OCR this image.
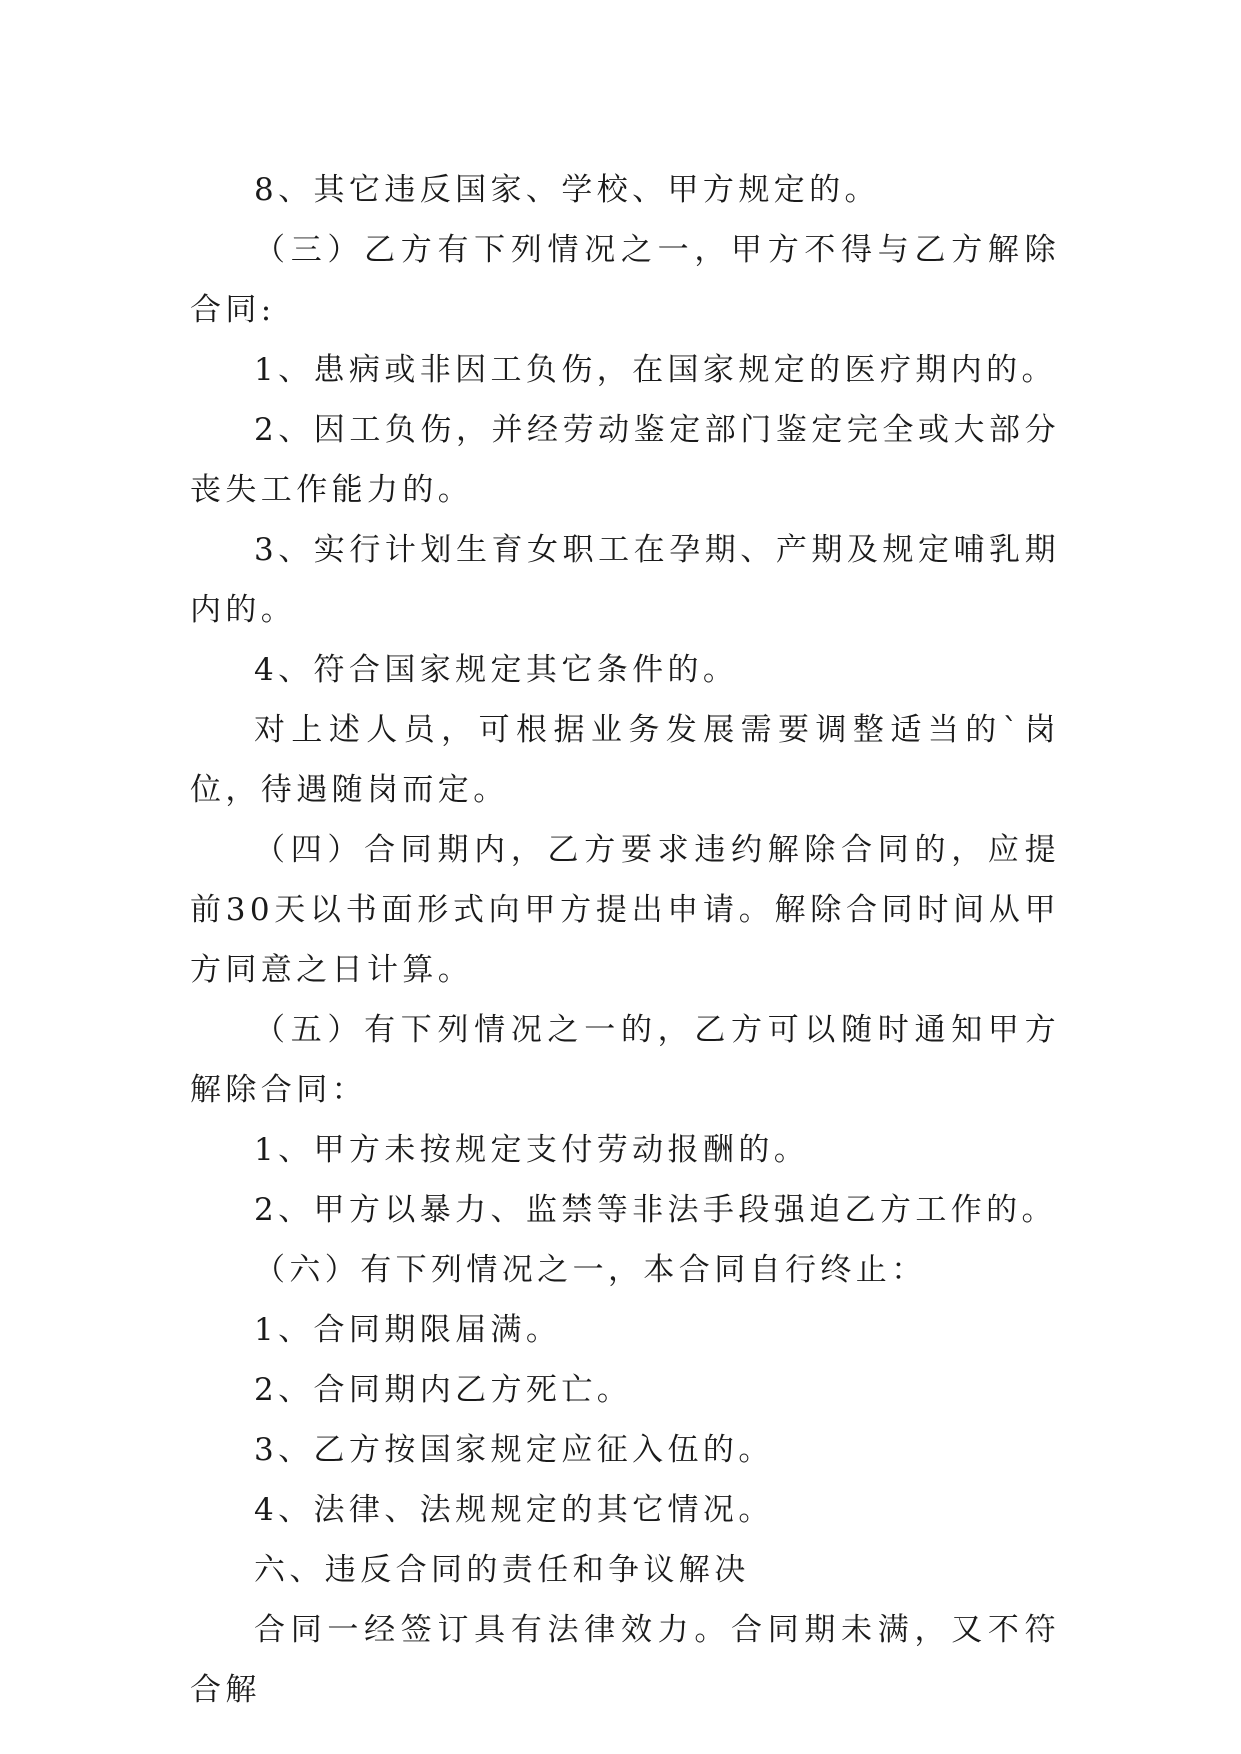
8、其它违反国家、学校、甲方规定的。

（三）乙方有下列情况之一，甲方不得与乙方解除合同:

1、患病或非因工负伤，在国家规定的医疗期内的。

2、因工负伤，并经劳动鉴定部门鉴定完全或大部分丧失工作能力的。

3、实行计划生育女职工在孕期、产期及规定哺乳期内的。

4、符合国家规定其它条件的。

对上述人员，可根据业务发展需要调整适当的`岗位，待遇随岗而定。

（四）合同期内，乙方要求违约解除合同的，应提前30天以书面形式向甲方提出申请。解除合同时间从甲方同意之日计算。

（五）有下列情况之一的，乙方可以随时通知甲方解除合同：

1、甲方未按规定支付劳动报酬的。

2、甲方以暴力、监禁等非法手段强迫乙方工作的。

（六）有下列情况之一，本合同自行终止：

1、合同期限届满。

2、合同期内乙方死亡。

3、乙方按国家规定应征入伍的。

4、法律、法规规定的其它情况。

六、违反合同的责任和争议解决

合同一经签订具有法律效力。合同期未满，又不符合解
